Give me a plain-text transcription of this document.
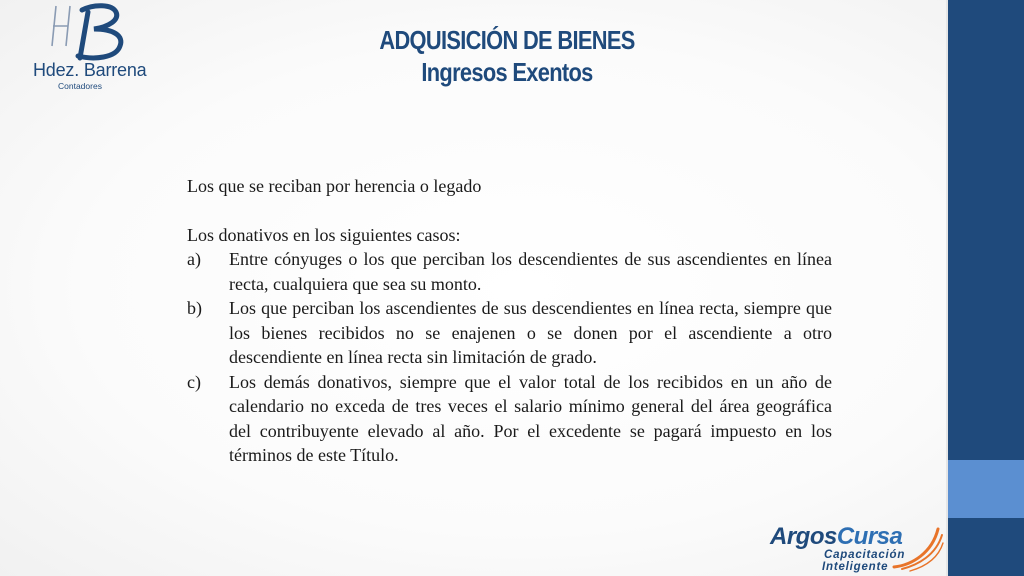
Hdez. Barrena
Contadores
ADQUISICIÓN DE BIENES
Ingresos Exentos

Los que se reciban por herencia o legado

Los donativos en los siguientes casos:

a) Entre cónyuges o los que perciban los descendientes de sus ascendientes en línea recta, cualquiera que sea su monto.
b) Los que perciban los ascendientes de sus descendientes en línea recta, siempre que los bienes recibidos no se enajenen o se donen por el ascendiente a otro descendiente en línea recta sin limitación de grado.
c) Los demás donativos, siempre que el valor total de los recibidos en un año de calendario no exceda de tres veces el salario mínimo general del área geográfica del contribuyente elevado al año. Por el excedente se pagará impuesto en los términos de este Título.
ArgosCursa
Capacitación
Inteligente
